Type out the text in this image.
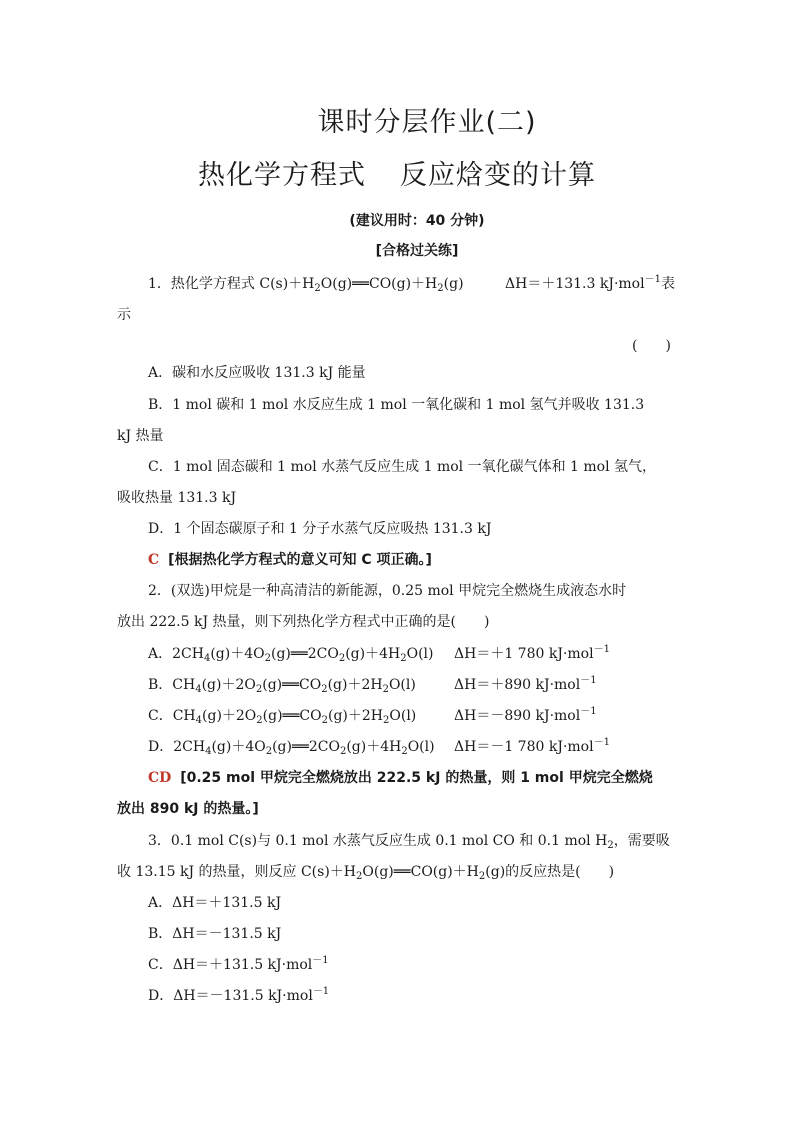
课时分层作业(二)
热化学方程式 反应焓变的计算
(建议用时：40 分钟)
[合格过关练]
1．热化学方程式 $C(s)+H_2O(g)══CO(g)+H_2(g)$	ΔH＝＋131.3 kJ·mol$^{-1}$表
示
(　　)
A．碳和水反应吸收 131.3 kJ 能量
B．1 mol 碳和 1 mol 水反应生成 1 mol 一氧化碳和 1 mol 氢气并吸收 131.3
kJ 热量
C．1 mol 固态碳和 1 mol 水蒸气反应生成 1 mol 一氧化碳气体和 1 mol 氢气，
吸收热量 131.3 kJ
D．1 个固态碳原子和 1 分子水蒸气反应吸热 131.3 kJ
C [根据热化学方程式的意义可知 C 项正确。]
2．(双选)甲烷是一种高清洁的新能源，0.25 mol 甲烷完全燃烧生成液态水时
放出 222.5 kJ 热量，则下列热化学方程式中正确的是(　　)
A．$2CH_4(g)+4O_2(g)══2CO_2(g)+4H_2O(l)$ ΔH＝＋1 780 kJ·mol$^{-1}$
B．$CH_4(g)+2O_2(g)══CO_2(g)+2H_2O(l)$	ΔH＝＋890 kJ·mol$^{-1}$
C．$CH_4(g)+2O_2(g)══CO_2(g)+2H_2O(l)$	ΔH＝－890 kJ·mol$^{-1}$
D．$2CH_4(g)+4O_2(g)══2CO_2(g)+4H_2O(l)$ ΔH＝－1 780 kJ·mol$^{-1}$
CD [0.25 mol 甲烷完全燃烧放出 222.5 kJ 的热量，则 1 mol 甲烷完全燃烧
放出 890 kJ 的热量。]
3．0.1 mol C(s)与 0.1 mol 水蒸气反应生成 0.1 mol CO 和 0.1 mol $H_2$，需要吸
收 13.15 kJ 的热量，则反应 $C(s)+H_2O(g)══CO(g)+H_2(g)$的反应热是(　　)
A．ΔH＝＋131.5 kJ
B．ΔH＝－131.5 kJ
C．ΔH＝＋131.5 kJ·mol$^{-1}$
D．ΔH＝－131.5 kJ·mol$^{-1}$
